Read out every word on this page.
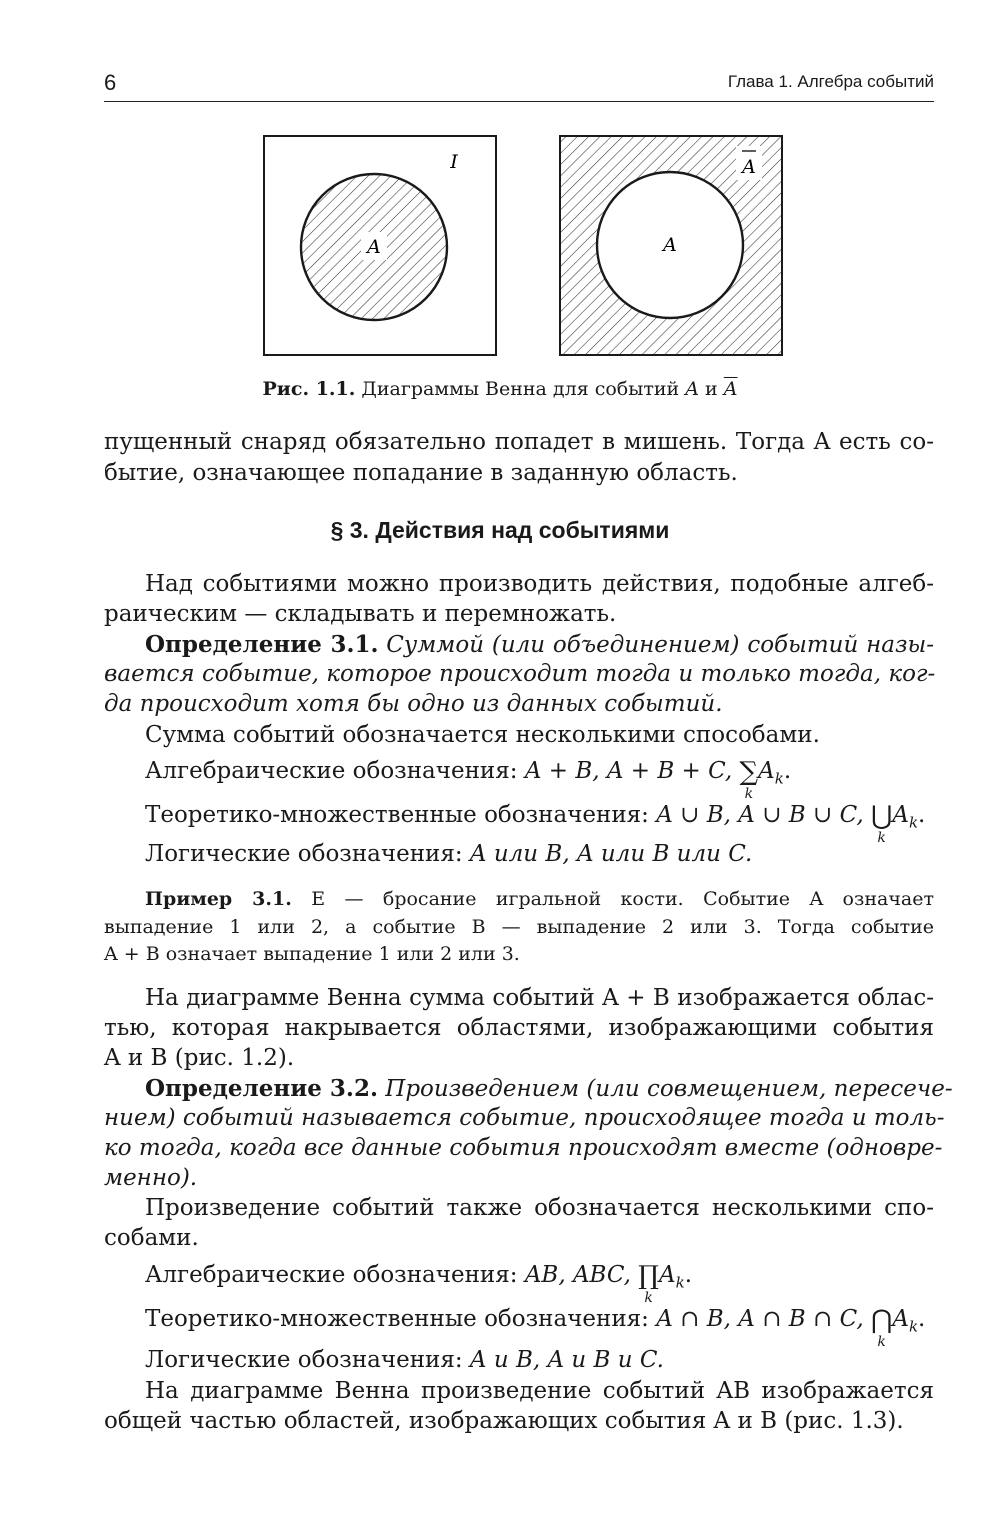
6	Глава 1. Алгебра событий
A
I	A
A
Рис. 1.1. Диаграммы Венна для событий A и $\overline{A}$
пущенный снаряд обязательно попадет в мишень. Тогда A есть со-
бытие, означающее попадание в заданную область.
§ 3. Действия над событиями
Над событиями можно производить действия, подобные алгеб-
раическим — складывать и перемножать.
Определение 3.1. Суммой (или объединением) событий назы-
вается событие, которое происходит тогда и только тогда, ког-
да происходит хотя бы одно из данных событий.
Сумма событий обозначается несколькими способами.
Алгебраические обозначения: A + B, A + B + C, ∑
k
$A_k$.
Теоретико-множественные обозначения: A ∪ B, A ∪ B ∪ C, ⋃
k
$A_k$.
Логические обозначения: A или B, A или B или C.
Пример 3.1. E — бросание игральной кости. Событие A означает
выпадение 1 или 2, а событие B — выпадение 2 или 3. Тогда событие
A + B означает выпадение 1 или 2 или 3.
На диаграмме Венна сумма событий A + B изображается облас-
тью, которая накрывается областями, изображающими события
A и B (рис. 1.2).
Определение 3.2. Произведением (или совмещением, пересече-
нием) событий называется событие, происходящее тогда и толь-
ко тогда, когда все данные события происходят вместе (одновре-
менно).
Произведение событий также обозначается несколькими спо-
собами.
Алгебраические обозначения: AB, ABC, ∏
k
$A_k$.
Теоретико-множественные обозначения: A ∩ B, A ∩ B ∩ C, ⋂
k
$A_k$.
Логические обозначения: A и B, A и B и C.
На диаграмме Венна произведение событий AB изображается
общей частью областей, изображающих события A и B (рис. 1.3).
